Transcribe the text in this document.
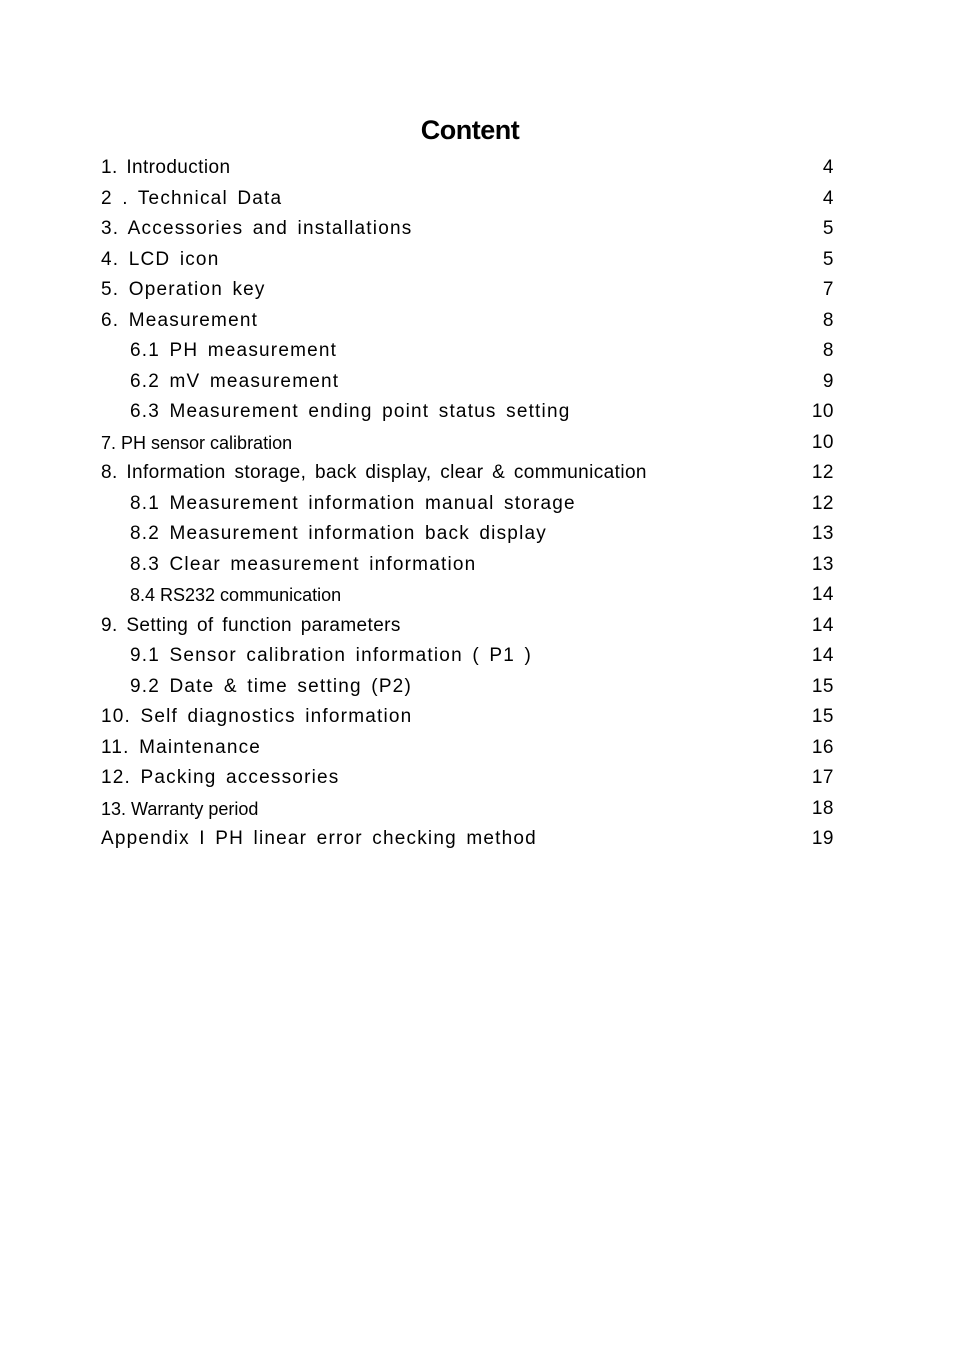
Content
1. Introduction	4
2 . Technical Data	4
3. Accessories and installations	5
4. LCD icon	5
5. Operation key	7
6. Measurement	8
6.1 PH measurement	8
6.2 mV measurement	9
6.3 Measurement ending point status setting	10
7. PH sensor calibration	10
8. Information storage, back display, clear & communication	12
8.1 Measurement information manual storage	12
8.2 Measurement information back display	13
8.3 Clear measurement information	13
8.4 RS232 communication	14
9. Setting of function parameters	14
9.1 Sensor calibration information ( P1 )	14
9.2 Date & time setting (P2)	15
10. Self diagnostics information	15
11. Maintenance	16
12. Packing accessories	17
13. Warranty period	18
Appendix I PH linear error checking method	19
